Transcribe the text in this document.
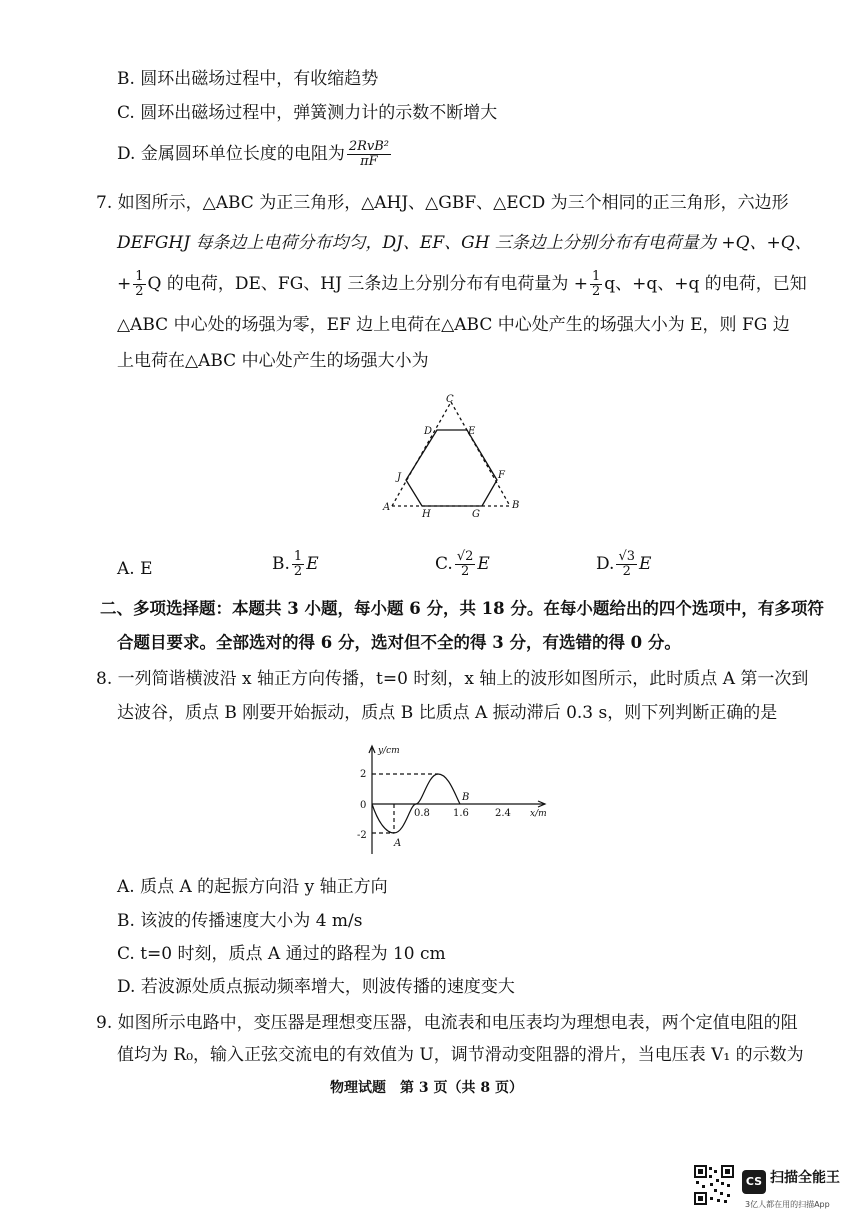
B. 圆环出磁场过程中，有收缩趋势
C. 圆环出磁场过程中，弹簧测力计的示数不断增大
D. 金属圆环单位长度的电阻为 $\frac{\text{2RvB²}}{\pi F}$
7. 如图所示，△ABC 为正三角形，△AHJ、△GBF、△ECD 为三个相同的正三角形，六边形
DEFGHJ 每条边上电荷分布均匀，DJ、EF、GH 三条边上分别分布有电荷量为 +Q、+Q、
+ $\frac{1}{2}$ Q 的电荷，DE、FG、HJ 三条边上分别分布有电荷量为 + $\frac{1}{2}$ q、+q、+q 的电荷，已知
△ABC 中心处的场强为零，EF 边上电荷在△ABC 中心处产生的场强大小为 E，则 FG 边
上电荷在△ABC 中心处产生的场强大小为
C
D	E
J	F
A
H	G
B
A. E	B. $\frac{1}{2}$ E	C. $\frac{√2}{2}$ E	D. $\frac{√3}{2}$ E
二、多项选择题：本题共 3 小题，每小题 6 分，共 18 分。在每小题给出的四个选项中，有多项符
合题目要求。全部选对的得 6 分，选对但不全的得 3 分，有选错的得 0 分。
8. 一列简谐横波沿 x 轴正方向传播，t=0 时刻，x 轴上的波形如图所示，此时质点 A 第一次到
达波谷，质点 B 刚要开始振动，质点 B 比质点 A 振动滞后 0.3 s，则下列判断正确的是
y/cm
x/m
2
0
-2
0.8 1.6	2.4
A
B
A. 质点 A 的起振方向沿 y 轴正方向
B. 该波的传播速度大小为 4 m/s
C. t=0 时刻，质点 A 通过的路程为 10 cm
D. 若波源处质点振动频率增大，则波传播的速度变大
9. 如图所示电路中，变压器是理想变压器，电流表和电压表均为理想电表，两个定值电阻的阻
值均为 R₀，输入正弦交流电的有效值为 U，调节滑动变阻器的滑片，当电压表 V₁ 的示数为
物理试题　第 3 页（共 8 页）
CS 扫描全能王
3亿人都在用的扫描App
